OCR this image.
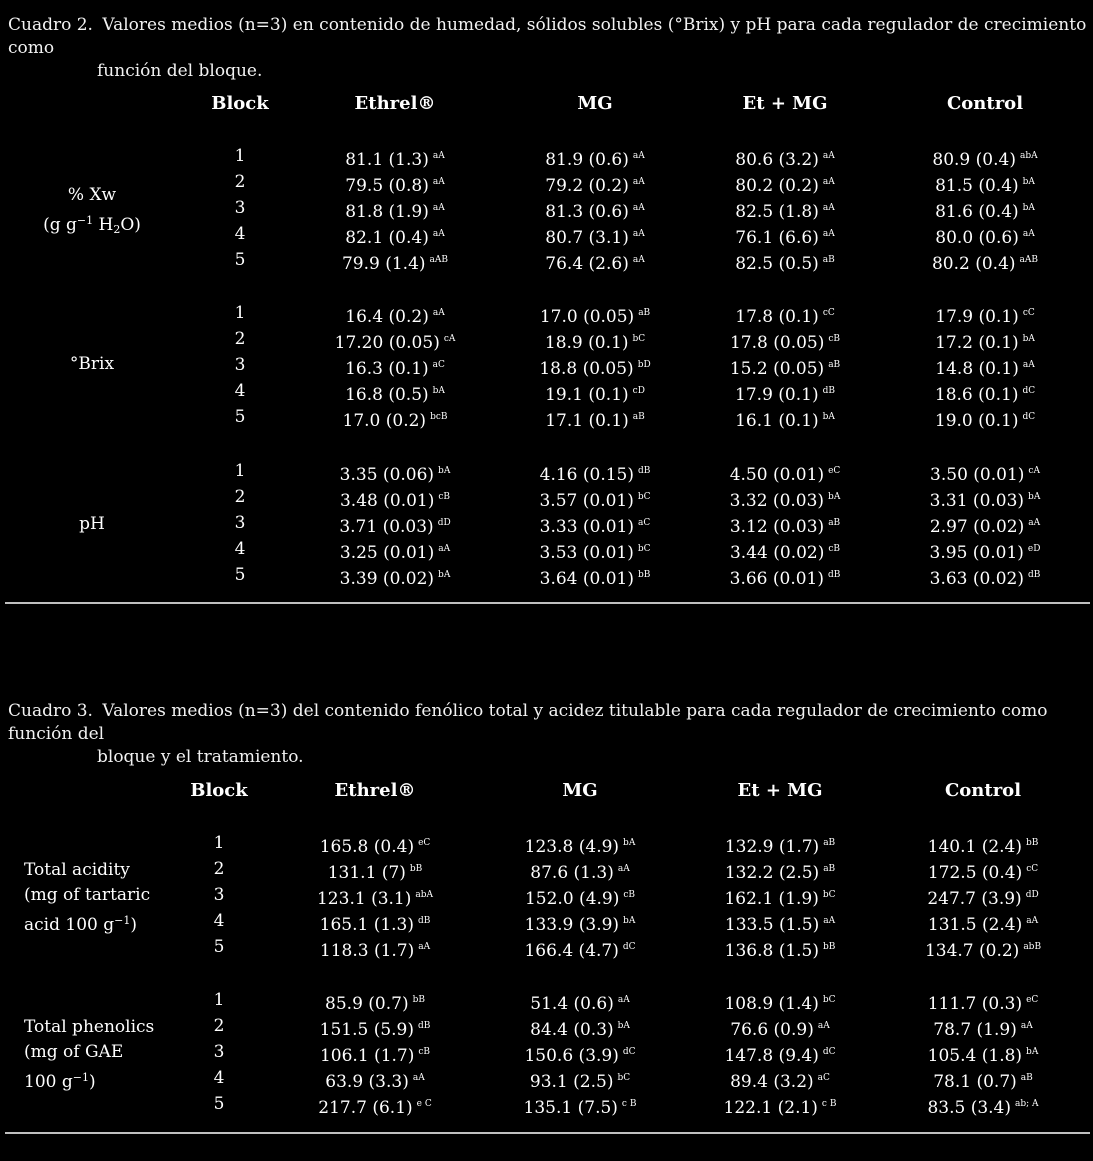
Cuadro 2. Valores medios (n=3) en contenido de humedad, sólidos solubles (°Brix) y pH para cada regulador de crecimiento como
función del bloque.
Block	Ethrel®	MG	Et + MG	Control
% Xw
(g $g^{-1}$ $H_2O$)
1	81.1 (1.3) $^{aA}$	81.9 (0.6) $^{aA}$	80.6 (3.2) $^{aA}$	80.9 (0.4) $^{abA}$
2	79.5 (0.8) $^{aA}$	79.2 (0.2) $^{aA}$	80.2 (0.2) $^{aA}$	81.5 (0.4) $^{bA}$
3	81.8 (1.9) $^{aA}$	81.3 (0.6) $^{aA}$	82.5 (1.8) $^{aA}$	81.6 (0.4) $^{bA}$
4	82.1 (0.4) $^{aA}$	80.7 (3.1) $^{aA}$	76.1 (6.6) $^{aA}$	80.0 (0.6) $^{aA}$
5	79.9 (1.4) $^{aAB}$	76.4 (2.6) $^{aA}$	82.5 (0.5) $^{aB}$	80.2 (0.4) $^{aAB}$
°Brix
1	16.4 (0.2) $^{aA}$	17.0 (0.05) $^{aB}$	17.8 (0.1) $^{cC}$	17.9 (0.1) $^{cC}$
2	17.20 (0.05) $^{cA}$	18.9 (0.1) $^{bC}$	17.8 (0.05) $^{cB}$	17.2 (0.1) $^{bA}$
3	16.3 (0.1) $^{aC}$	18.8 (0.05) $^{bD}$	15.2 (0.05) $^{aB}$	14.8 (0.1) $^{aA}$
4	16.8 (0.5) $^{bA}$	19.1 (0.1) $^{cD}$	17.9 (0.1) $^{dB}$	18.6 (0.1) $^{dC}$
5	17.0 (0.2) $^{bcB}$	17.1 (0.1) $^{aB}$	16.1 (0.1) $^{bA}$	19.0 (0.1) $^{dC}$
pH
1	3.35 (0.06) $^{bA}$	4.16 (0.15) $^{dB}$	4.50 (0.01) $^{eC}$	3.50 (0.01) $^{cA}$
2	3.48 (0.01) $^{cB}$	3.57 (0.01) $^{bC}$	3.32 (0.03) $^{bA}$	3.31 (0.03) $^{bA}$
3	3.71 (0.03) $^{dD}$	3.33 (0.01) $^{aC}$	3.12 (0.03) $^{aB}$	2.97 (0.02) $^{aA}$
4	3.25 (0.01) $^{aA}$	3.53 (0.01) $^{bC}$	3.44 (0.02) $^{cB}$	3.95 (0.01) $^{eD}$
5	3.39 (0.02) $^{bA}$	3.64 (0.01) $^{bB}$	3.66 (0.01) $^{dB}$	3.63 (0.02) $^{dB}$
Cuadro 3. Valores medios (n=3) del contenido fenólico total y acidez titulable para cada regulador de crecimiento como función del
bloque y el tratamiento.
Block	Ethrel®	MG	Et + MG	Control
Total acidity
(mg of tartaric
acid 100 $g^{-1}$)
1	165.8 (0.4) $^{eC}$	123.8 (4.9) $^{bA}$	132.9 (1.7) $^{aB}$	140.1 (2.4) $^{bB}$
2	131.1 (7) $^{bB}$	87.6 (1.3) $^{aA}$	132.2 (2.5) $^{aB}$	172.5 (0.4) $^{cC}$
3	123.1 (3.1) $^{abA}$	152.0 (4.9) $^{cB}$	162.1 (1.9) $^{bC}$	247.7 (3.9) $^{dD}$
4	165.1 (1.3) $^{dB}$	133.9 (3.9) $^{bA}$	133.5 (1.5) $^{aA}$	131.5 (2.4) $^{aA}$
5	118.3 (1.7) $^{aA}$	166.4 (4.7) $^{dC}$	136.8 (1.5) $^{bB}$	134.7 (0.2) $^{abB}$
Total phenolics
(mg of GAE
100 $g^{-1}$)
1	85.9 (0.7) $^{bB}$	51.4 (0.6) $^{aA}$	108.9 (1.4) $^{bC}$	111.7 (0.3) $^{eC}$
2	151.5 (5.9) $^{dB}$	84.4 (0.3) $^{bA}$	76.6 (0.9) $^{aA}$	78.7 (1.9) $^{aA}$
3	106.1 (1.7) $^{cB}$	150.6 (3.9) $^{dC}$	147.8 (9.4) $^{dC}$	105.4 (1.8) $^{bA}$
4	63.9 (3.3) $^{aA}$	93.1 (2.5) $^{bC}$	89.4 (3.2) $^{aC}$	78.1 (0.7) $^{aB}$
5	217.7 (6.1) $^{e C}$	135.1 (7.5) $^{c B}$	122.1 (2.1) $^{c B}$	83.5 (3.4) $^{ab; A}$
